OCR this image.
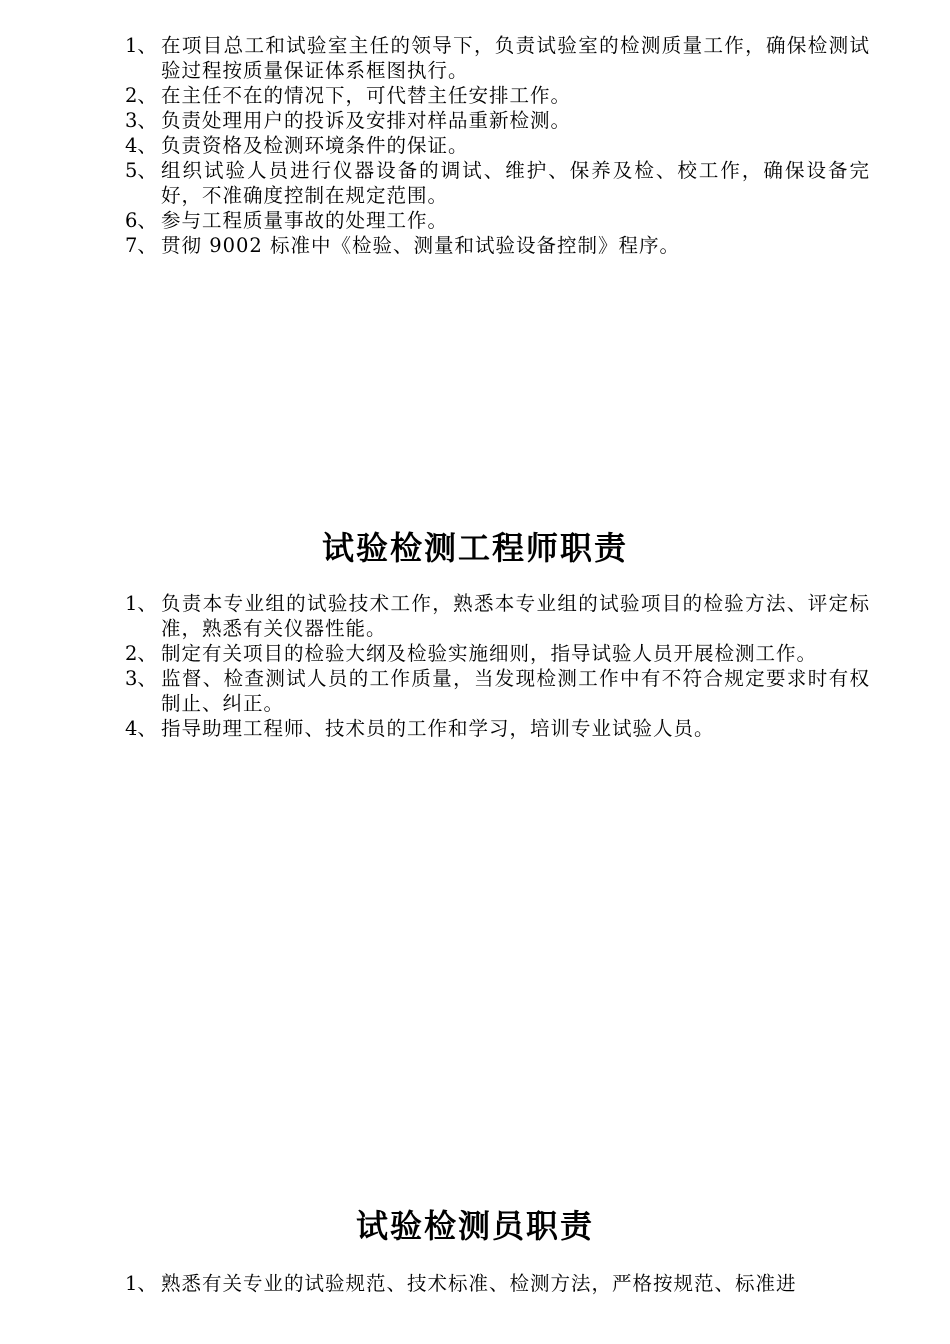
1、 在项目总工和试验室主任的领导下，负责试验室的检测质量工作，确保检测试验过程按质量保证体系框图执行。
2、 在主任不在的情况下，可代替主任安排工作。
3、 负责处理用户的投诉及安排对样品重新检测。
4、 负责资格及检测环境条件的保证。
5、 组织试验人员进行仪器设备的调试、维护、保养及检、校工作，确保设备完好，不准确度控制在规定范围。
6、 参与工程质量事故的处理工作。
7、 贯彻 9002 标准中《检验、测量和试验设备控制》程序。
试验检测工程师职责
1、 负责本专业组的试验技术工作，熟悉本专业组的试验项目的检验方法、评定标准，熟悉有关仪器性能。
2、 制定有关项目的检验大纲及检验实施细则，指导试验人员开展检测工作。
3、 监督、检查测试人员的工作质量，当发现检测工作中有不符合规定要求时有权制止、纠正。
4、 指导助理工程师、技术员的工作和学习，培训专业试验人员。
试验检测员职责
1、 熟悉有关专业的试验规范、技术标准、检测方法，严格按规范、标准进
